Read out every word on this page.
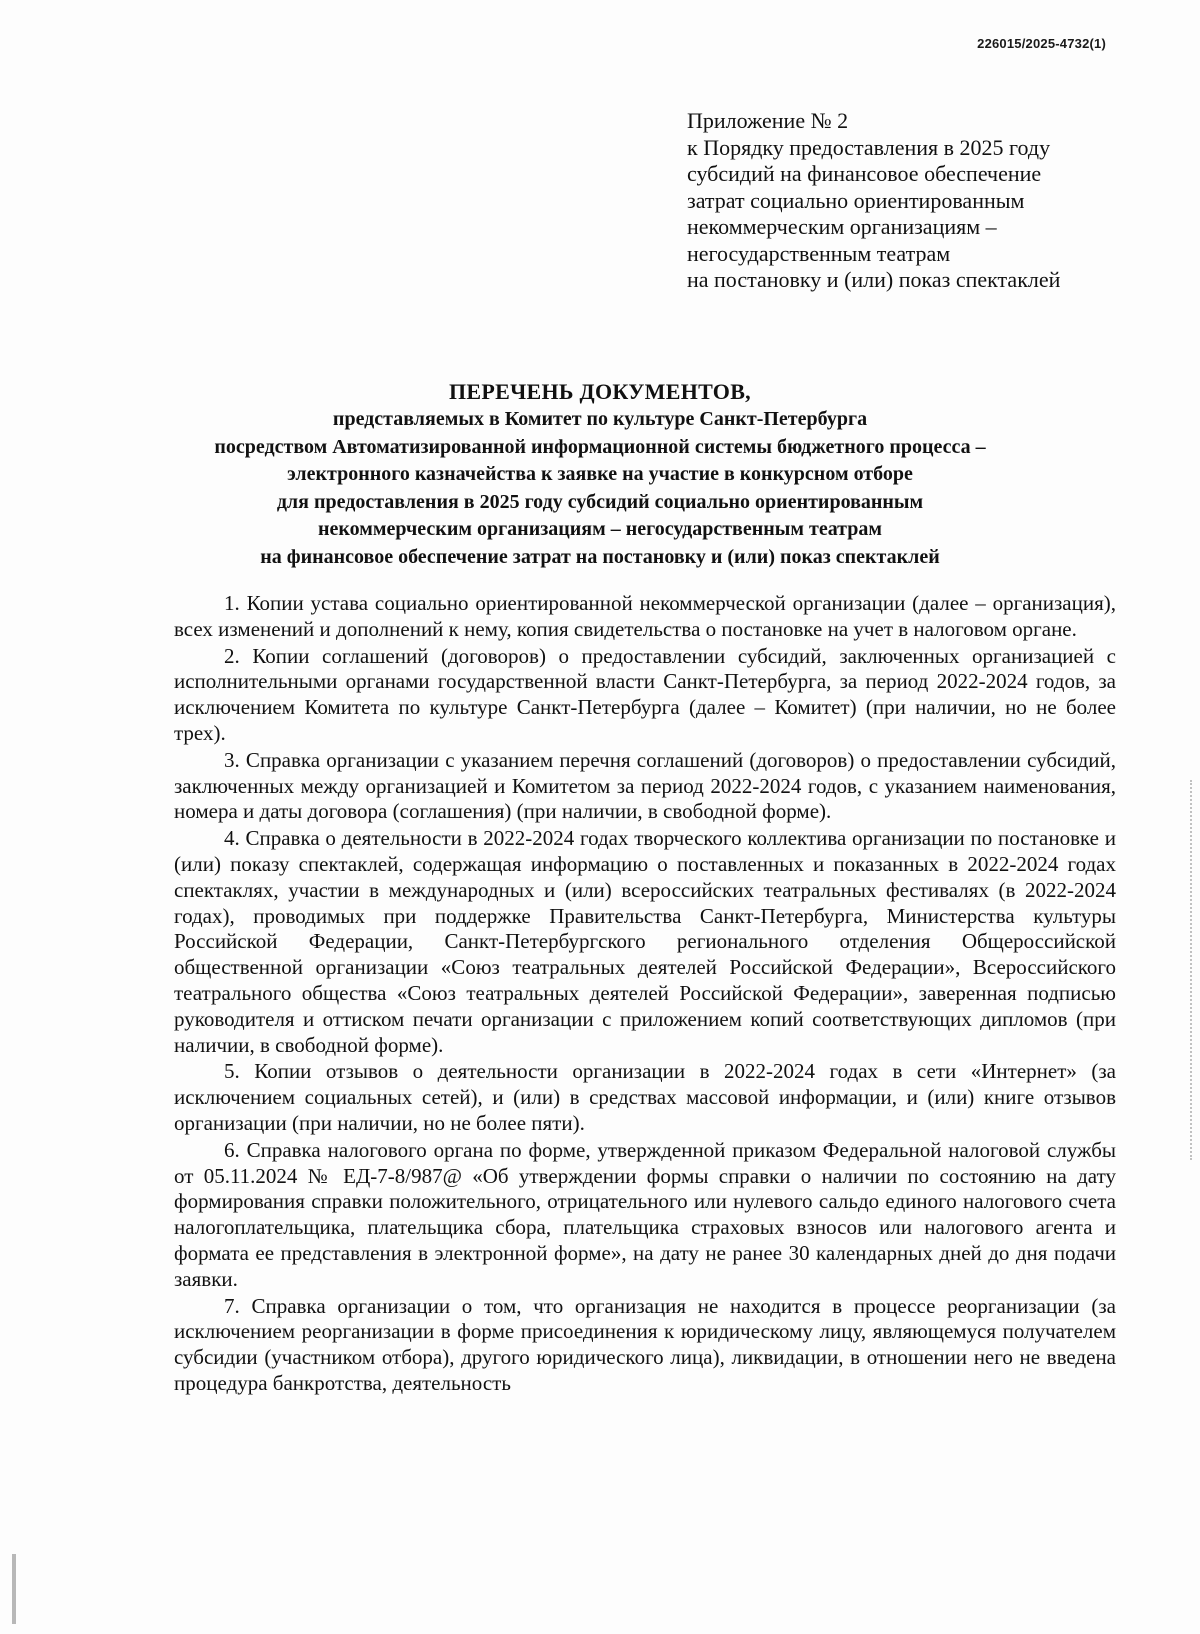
226015/2025-4732(1)
Приложение № 2
к Порядку предоставления в 2025 году
субсидий на финансовое обеспечение
затрат социально ориентированным
некоммерческим организациям –
негосударственным театрам
на постановку и (или) показ спектаклей
ПЕРЕЧЕНЬ ДОКУМЕНТОВ,
представляемых в Комитет по культуре Санкт-Петербурга
посредством Автоматизированной информационной системы бюджетного процесса –
электронного казначейства к заявке на участие в конкурсном отборе
для предоставления в 2025 году субсидий социально ориентированным
некоммерческим организациям – негосударственным театрам
на финансовое обеспечение затрат на постановку и (или) показ спектаклей

1. Копии устава социально ориентированной некоммерческой организации (далее – организация), всех изменений и дополнений к нему, копия свидетельства о постановке на учет в налоговом органе.

2. Копии соглашений (договоров) о предоставлении субсидий, заключенных организацией с исполнительными органами государственной власти Санкт-Петербурга, за период 2022-2024 годов, за исключением Комитета по культуре Санкт-Петербурга (далее – Комитет) (при наличии, но не более трех).

3. Справка организации с указанием перечня соглашений (договоров) о предоставлении субсидий, заключенных между организацией и Комитетом за период 2022-2024 годов, с указанием наименования, номера и даты договора (соглашения) (при наличии, в свободной форме).

4. Справка о деятельности в 2022-2024 годах творческого коллектива организации по постановке и (или) показу спектаклей, содержащая информацию о поставленных и показанных в 2022-2024 годах спектаклях, участии в международных и (или) всероссийских театральных фестивалях (в 2022-2024 годах), проводимых при поддержке Правительства Санкт-Петербурга, Министерства культуры Российской Федерации, Санкт-Петербургского регионального отделения Общероссийской общественной организации «Союз театральных деятелей Российской Федерации», Всероссийского театрального общества «Союз театральных деятелей Российской Федерации», заверенная подписью руководителя и оттиском печати организации с приложением копий соответствующих дипломов (при наличии, в свободной форме).

5. Копии отзывов о деятельности организации в 2022-2024 годах в сети «Интернет» (за исключением социальных сетей), и (или) в средствах массовой информации, и (или) книге отзывов организации (при наличии, но не более пяти).

6. Справка налогового органа по форме, утвержденной приказом Федеральной налоговой службы от 05.11.2024 № ЕД-7-8/987@ «Об утверждении формы справки о наличии по состоянию на дату формирования справки положительного, отрицательного или нулевого сальдо единого налогового счета налогоплательщика, плательщика сбора, плательщика страховых взносов или налогового агента и формата ее представления в электронной форме», на дату не ранее 30 календарных дней до дня подачи заявки.

7. Справка организации о том, что организация не находится в процессе реорганизации (за исключением реорганизации в форме присоединения к юридическому лицу, являющемуся получателем субсидии (участником отбора), другого юридического лица), ликвидации, в отношении него не введена процедура банкротства, деятельность
